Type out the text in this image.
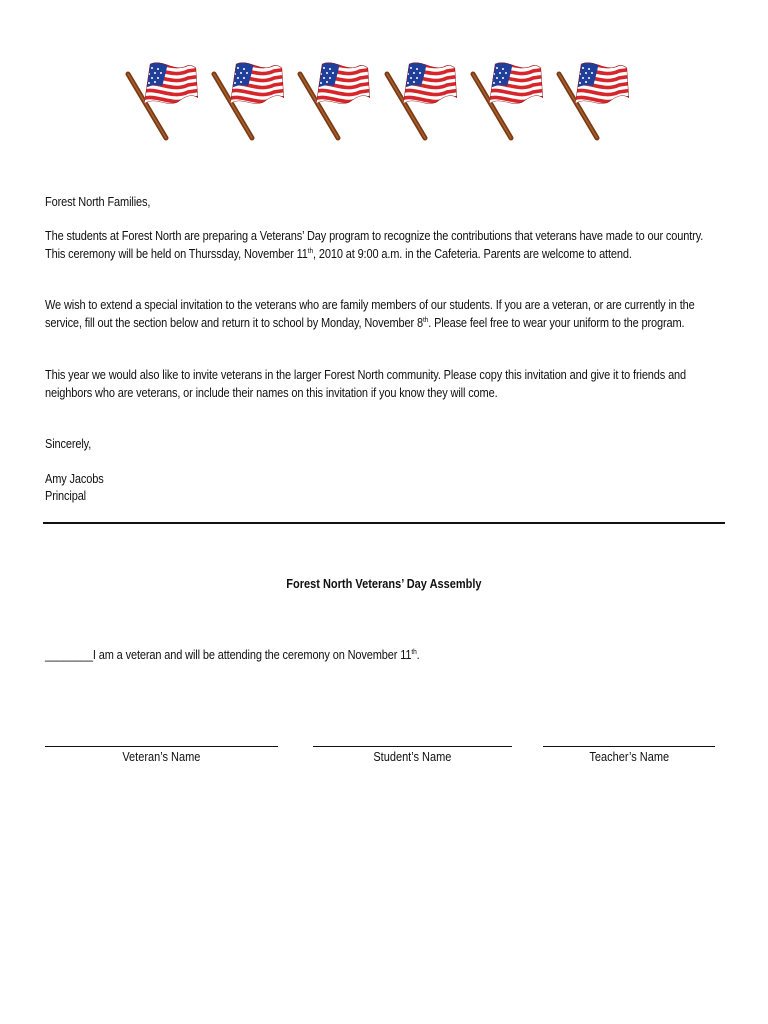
Forest North Families,
The students at Forest North are preparing a Veterans’ Day program to recognize the contributions that veterans have made to our country. This ceremony will be held on Thurssday, November 11th, 2010 at 9:00 a.m. in the Cafeteria. Parents are welcome to attend.
We wish to extend a special invitation to the veterans who are family members of our students. If you are a veteran, or are currently in the service, fill out the section below and return it to school by Monday, November 8th. Please feel free to wear your uniform to the program.
This year we would also like to invite veterans in the larger Forest North community. Please copy this invitation and give it to friends and neighbors who are veterans, or include their names on this invitation if you know they will come.
Sincerely,
Amy Jacobs
Principal
Forest North Veterans’ Day Assembly
________I am a veteran and will be attending the ceremony on November 11th.
Veteran’s Name	Student’s Name	Teacher’s Name
